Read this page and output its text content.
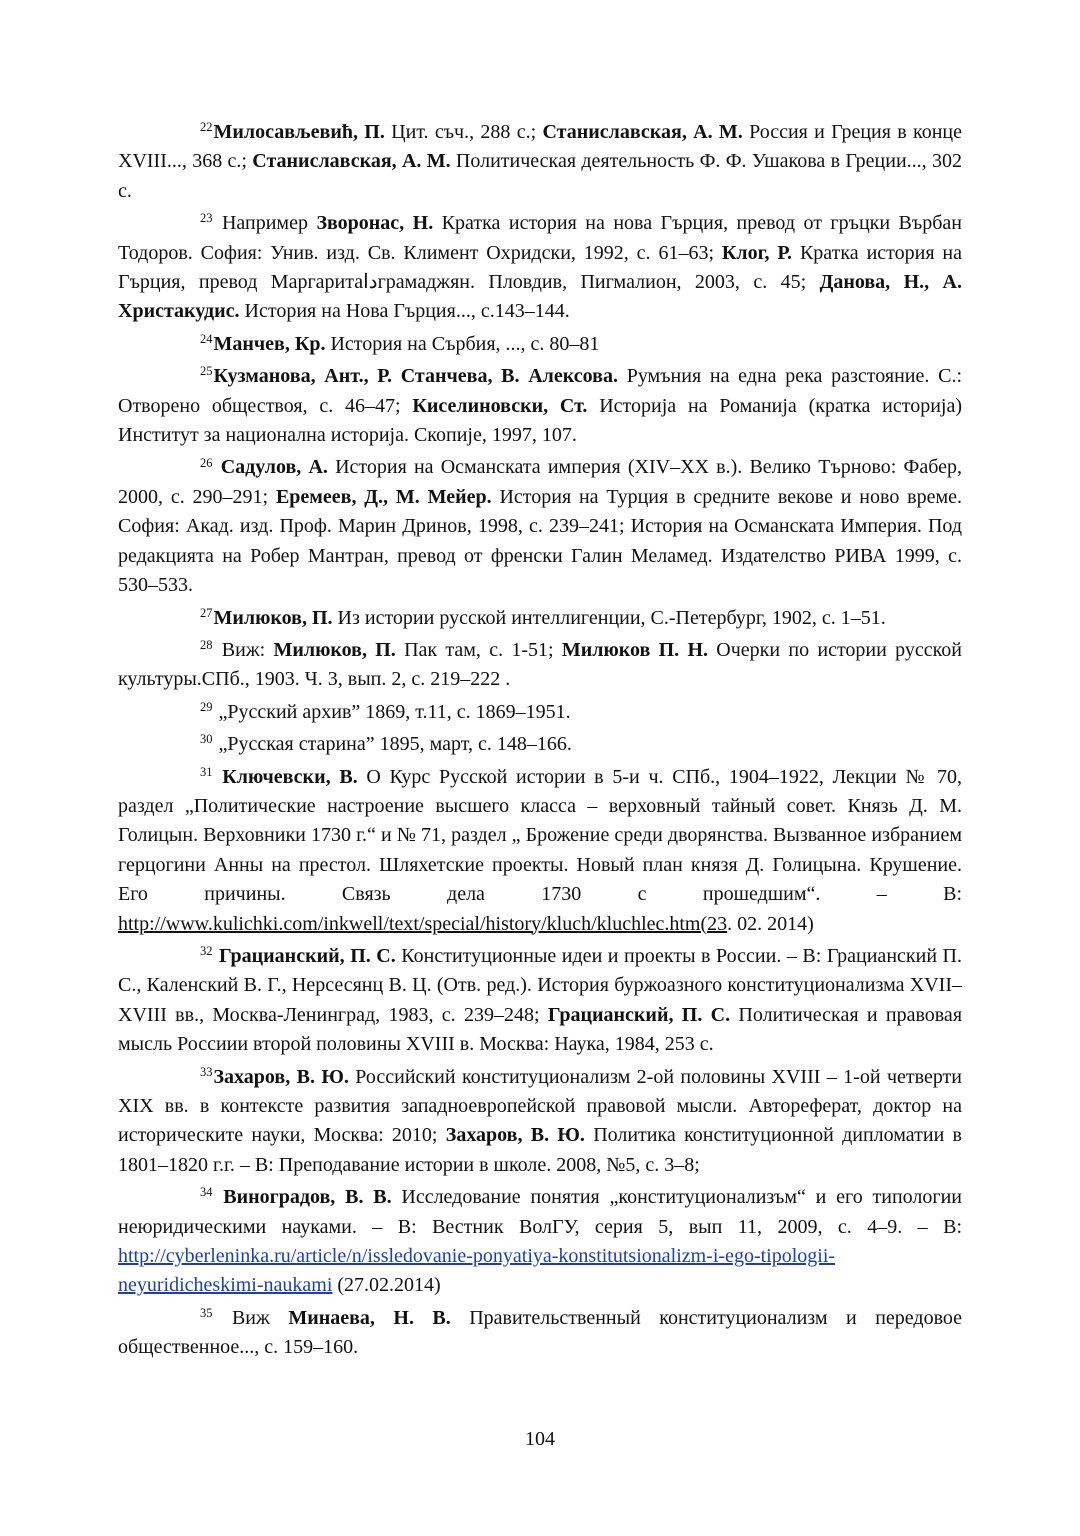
$^{22}$Милосављевић, П. Цит. съч., 288 с.; Станиславская, А. М. Россия и Греция в конце XVIII..., 368 с.; Станиславская, А. М. Политическая деятельность Ф. Ф. Ушакова в Греции..., 302 с.

$^{23}$ Например Зворонас, Н. Кратка история на нова Гърция, превод от гръцки Върбан Тодоров. София: Унив. изд. Св. Климент Охридски, 1992, с. 61–63; Клог, Р. Кратка история на Гърция, превод Маргаритаداграмаджян. Пловдив, Пигмалион, 2003, с. 45; Данова, Н., А. Христакудис. История на Нова Гърция..., с.143–144.

$^{24}$Манчев, Кр. История на Сърбия, ..., с. 80–81

$^{25}$Кузманова, Ант., Р. Станчева, В. Алексова. Румъния на една река разстояние. С.: Отворено обществоя, с. 46–47; Киселиновски, Ст. Историја на Романија (кратка историја) Институт за национална историја. Скопије, 1997, 107.

$^{26}$ Садулов, А. История на Османската империя (XIV–XX в.). Велико Търново: Фабер, 2000, с. 290–291; Еремеев, Д., М. Мейер. История на Турция в средните векове и ново време. София: Акад. изд. Проф. Марин Дринов, 1998, с. 239–241; История на Османската Империя. Под редакцията на Робер Мантран, превод от френски Галин Меламед. Издателство РИВА 1999, с. 530–533.

$^{27}$Милюков, П. Из истории русской интеллигенции, С.-Петербург, 1902, с. 1–51.

$^{28}$ Виж: Милюков, П. Пак там, с. 1-51; Милюков П. Н. Очерки по истории русской культуры.СПб., 1903. Ч. 3, вып. 2, с. 219–222 .

$^{29}$ „Русский архив” 1869, т.11, с. 1869–1951.

$^{30}$ „Русская старина” 1895, март, с. 148–166.

$^{31}$ Ключевски, В. О Курс Русской истории в 5-и ч. СПб., 1904–1922, Лекции № 70, раздел „Политические настроение высшего класса – верховный тайный совет. Князь Д. М. Голицын. Верховники 1730 г.“ и № 71, раздел „ Брожение среди дворянства. Вызванное избранием герцогини Анны на престол. Шляхетские проекты. Новый план князя Д. Голицына. Крушение. Его причины. Связь дела 1730 с прошедшим“. – В: http://www.kulichki.com/inkwell/text/special/history/kluch/kluchlec.htm(23. 02. 2014)

$^{32}$ Грацианский, П. С. Конституционные идеи и проекты в России. – В: Грацианский П. С., Каленский В. Г., Нерсесянц В. Ц. (Отв. ред.). История буржоазного конституционализма XVII–XVIII вв., Москва-Ленинград, 1983, с. 239–248; Грацианский, П. С. Политическая и правовая мысль Россиии второй половины XVIII в. Москва: Наука, 1984, 253 с.

$^{33}$Захаров, В. Ю. Российский конституционализм 2-ой половины XVIII – 1-ой четверти XIX вв. в контексте развития западноевропейской правовой мысли. Автореферат, доктор на историческите науки, Москва: 2010; Захаров, В. Ю. Политика конституционной дипломатии в 1801–1820 г.г. – В: Преподавание истории в школе. 2008, №5, с. 3–8;

$^{34}$ Виноградов, В. В. Исследование понятия „конституционализъм“ и его типологии неюридическими науками. – В: Вестник ВолГУ, серия 5, вып 11, 2009, с. 4–9. – В: http://cyberleninka.ru/article/n/issledovanie-ponyatiya-konstitutsionalizm-i-ego-tipologii-neyuridicheskimi-naukami (27.02.2014)

$^{35}$ Виж Минаева, Н. В. Правительственный конституционализм и передовое общественное..., с. 159–160.

104
